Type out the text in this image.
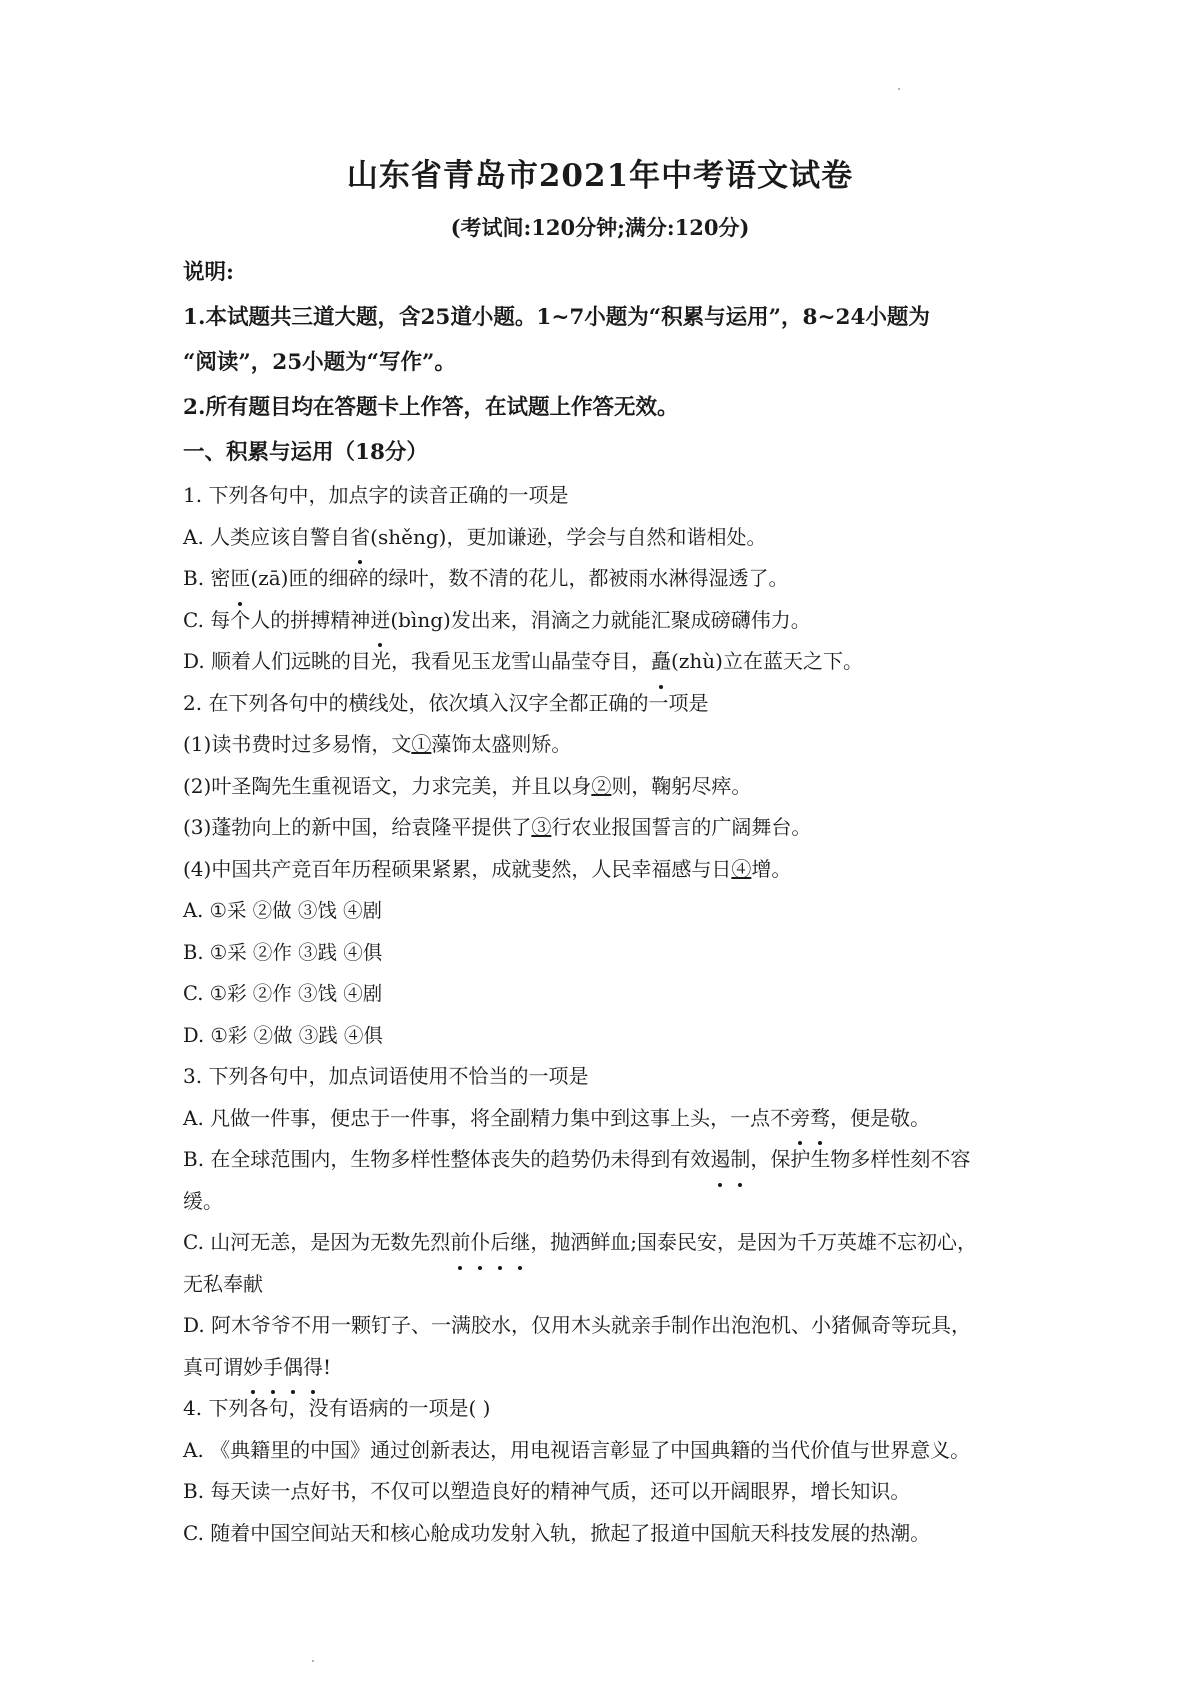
山东省青岛市2021年中考语文试卷
(考试间:120分钟;满分:120分)
说明:
1.本试题共三道大题，含25道小题。1~7小题为“积累与运用”，8~24小题为
“阅读”，25小题为“写作”。
2.所有题目均在答题卡上作答，在试题上作答无效。
一、积累与运用（18分）
1. 下列各句中，加点字的读音正确的一项是
A. 人类应该自警自省(shěng)，更加谦逊，学会与自然和谐相处。
B. 密匝(zā)匝的细碎的绿叶，数不清的花儿，都被雨水淋得湿透了。
C. 每个人的拼搏精神迸(bìng)发出来，涓滴之力就能汇聚成磅礴伟力。
D. 顺着人们远眺的目光，我看见玉龙雪山晶莹夺目，矗(zhù)立在蓝天之下。
2. 在下列各句中的横线处，依次填入汉字全都正确的一项是
(1)读书费时过多易惰，文①藻饰太盛则矫。
(2)叶圣陶先生重视语文，力求完美，并且以身②则，鞠躬尽瘁。
(3)蓬勃向上的新中国，给袁隆平提供了③行农业报国誓言的广阔舞台。
(4)中国共产竞百年历程硕果紧累，成就斐然，人民幸福感与日④增。
A. ①采 ②做 ③饯 ④剧
B. ①采 ②作 ③践 ④俱
C. ①彩 ②作 ③饯 ④剧
D. ①彩 ②做 ③践 ④俱
3. 下列各句中，加点词语使用不恰当的一项是
A. 凡做一件事，便忠于一件事，将全副精力集中到这事上头，一点不旁骛，便是敬。
B. 在全球范围内，生物多样性整体丧失的趋势仍未得到有效遏制，保护生物多样性刻不容
缓。
C. 山河无恙，是因为无数先烈前仆后继，抛洒鲜血;国泰民安，是因为千万英雄不忘初心，
无私奉献
D. 阿木爷爷不用一颗钉子、一满胶水，仅用木头就亲手制作出泡泡机、小猪佩奇等玩具，
真可谓妙手偶得!
4. 下列各句，没有语病的一项是( )
A. 《典籍里的中国》通过创新表达，用电视语言彰显了中国典籍的当代价值与世界意义。
B. 每天读一点好书，不仅可以塑造良好的精神气质，还可以开阔眼界，增长知识。
C. 随着中国空间站天和核心舱成功发射入轨，掀起了报道中国航天科技发展的热潮。
